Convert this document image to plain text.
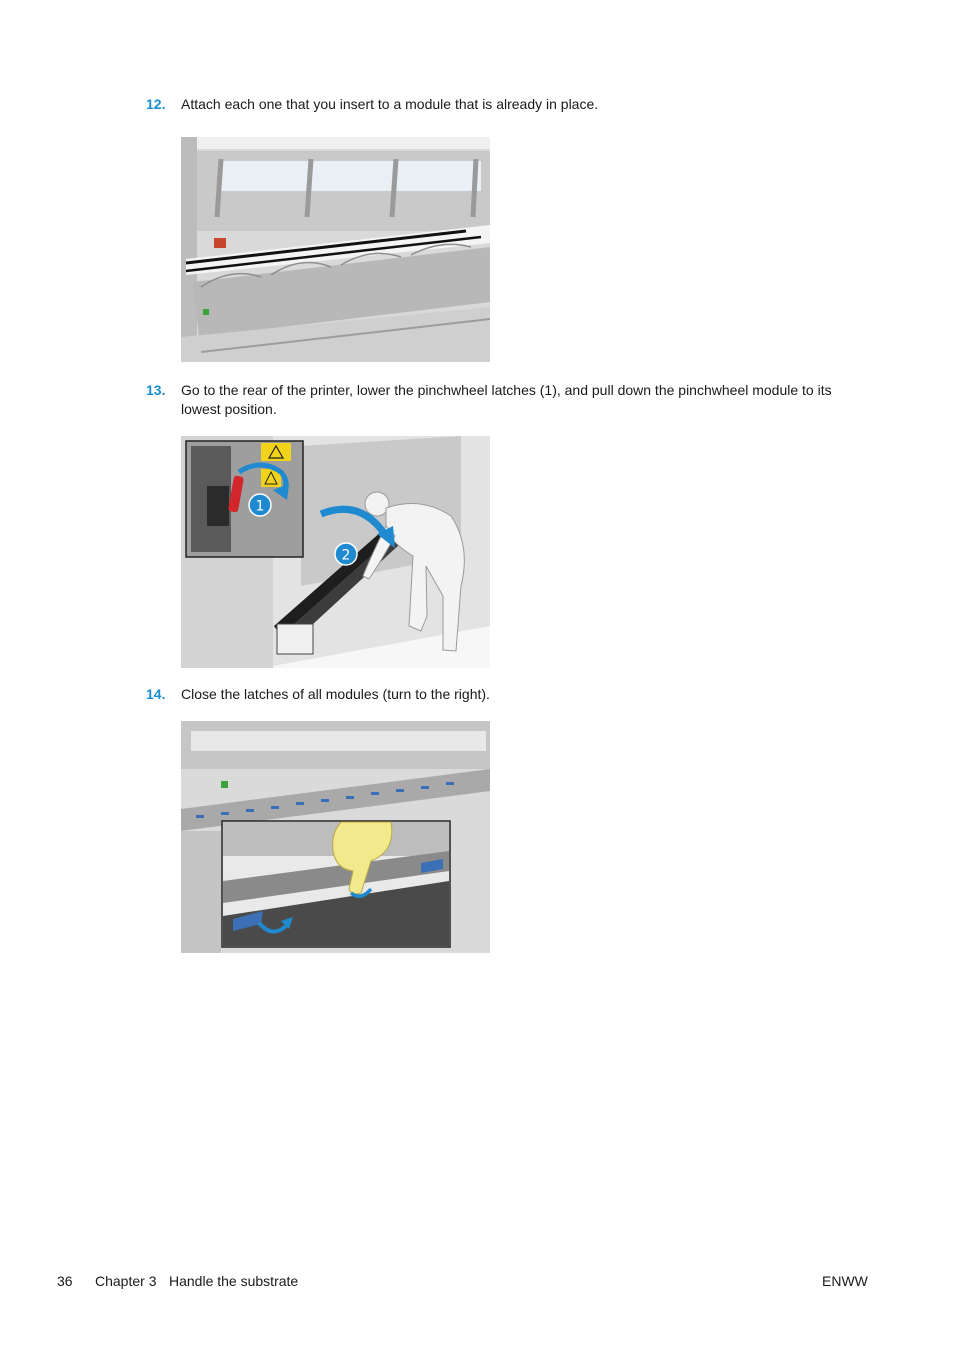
12.	Attach each one that you insert to a module that is already in place.
13.	Go to the rear of the printer, lower the pinchwheel latches (1), and pull down the pinchwheel module to its lowest position.
2
1
14.	Close the latches of all modules (turn to the right).
36 Chapter 3 Handle the substrate	ENWW
